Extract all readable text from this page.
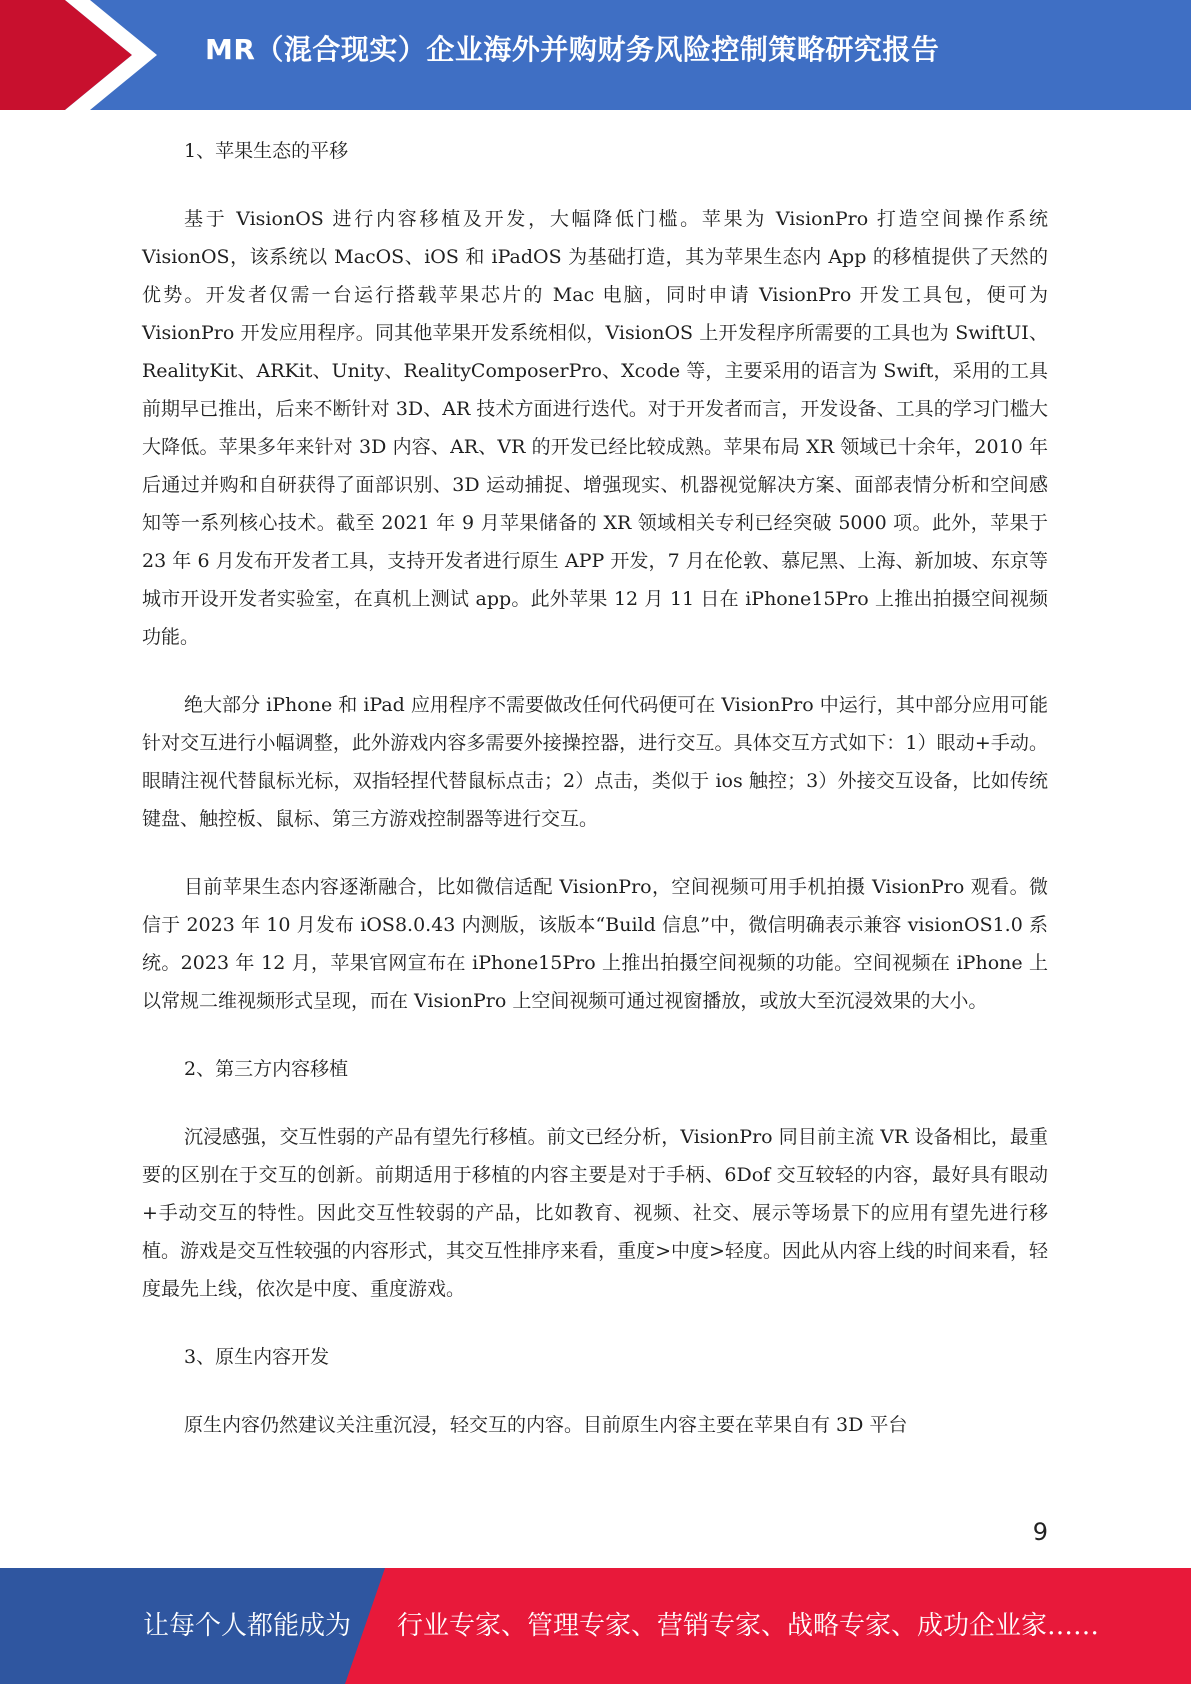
MR（混合现实）企业海外并购财务风险控制策略研究报告

1、苹果生态的平移

基于 VisionOS 进行内容移植及开发，大幅降低门槛。苹果为 VisionPro 打造空间操作系统 VisionOS，该系统以 MacOS、iOS 和 iPadOS 为基础打造，其为苹果生态内 App 的移植提供了天然的优势。开发者仅需一台运行搭载苹果芯片的 Mac 电脑，同时申请 VisionPro 开发工具包，便可为 VisionPro 开发应用程序。同其他苹果开发系统相似，VisionOS 上开发程序所需要的工具也为 SwiftUI、RealityKit、ARKit、Unity、RealityComposerPro、Xcode 等，主要采用的语言为 Swift，采用的工具前期早已推出，后来不断针对 3D、AR 技术方面进行迭代。对于开发者而言，开发设备、工具的学习门槛大大降低。苹果多年来针对 3D 内容、AR、VR 的开发已经比较成熟。苹果布局 XR 领域已十余年，2010 年后通过并购和自研获得了面部识别、3D 运动捕捉、增强现实、机器视觉解决方案、面部表情分析和空间感知等一系列核心技术。截至 2021 年 9 月苹果储备的 XR 领域相关专利已经突破 5000 项。此外，苹果于 23 年 6 月发布开发者工具，支持开发者进行原生 APP 开发，7 月在伦敦、慕尼黑、上海、新加坡、东京等城市开设开发者实验室，在真机上测试 app。此外苹果 12 月 11 日在 iPhone15Pro 上推出拍摄空间视频功能。

绝大部分 iPhone 和 iPad 应用程序不需要做改任何代码便可在 VisionPro 中运行，其中部分应用可能针对交互进行小幅调整，此外游戏内容多需要外接操控器，进行交互。具体交互方式如下：1）眼动+手动。眼睛注视代替鼠标光标，双指轻捏代替鼠标点击；2）点击，类似于 ios 触控；3）外接交互设备，比如传统键盘、触控板、鼠标、第三方游戏控制器等进行交互。

目前苹果生态内容逐渐融合，比如微信适配 VisionPro，空间视频可用手机拍摄 VisionPro 观看。微信于 2023 年 10 月发布 iOS8.0.43 内测版，该版本“Build 信息”中，微信明确表示兼容 visionOS1.0 系统。2023 年 12 月，苹果官网宣布在 iPhone15Pro 上推出拍摄空间视频的功能。空间视频在 iPhone 上以常规二维视频形式呈现，而在 VisionPro 上空间视频可通过视窗播放，或放大至沉浸效果的大小。

2、第三方内容移植

沉浸感强，交互性弱的产品有望先行移植。前文已经分析，VisionPro 同目前主流 VR 设备相比，最重要的区别在于交互的创新。前期适用于移植的内容主要是对于手柄、6Dof 交互较轻的内容，最好具有眼动+手动交互的特性。因此交互性较弱的产品，比如教育、视频、社交、展示等场景下的应用有望先进行移植。游戏是交互性较强的内容形式，其交互性排序来看，重度>中度>轻度。因此从内容上线的时间来看，轻度最先上线，依次是中度、重度游戏。

3、原生内容开发

原生内容仍然建议关注重沉浸，轻交互的内容。目前原生内容主要在苹果自有 3D 平台

9
让每个人都能成为 行业专家、管理专家、营销专家、战略专家、成功企业家……
